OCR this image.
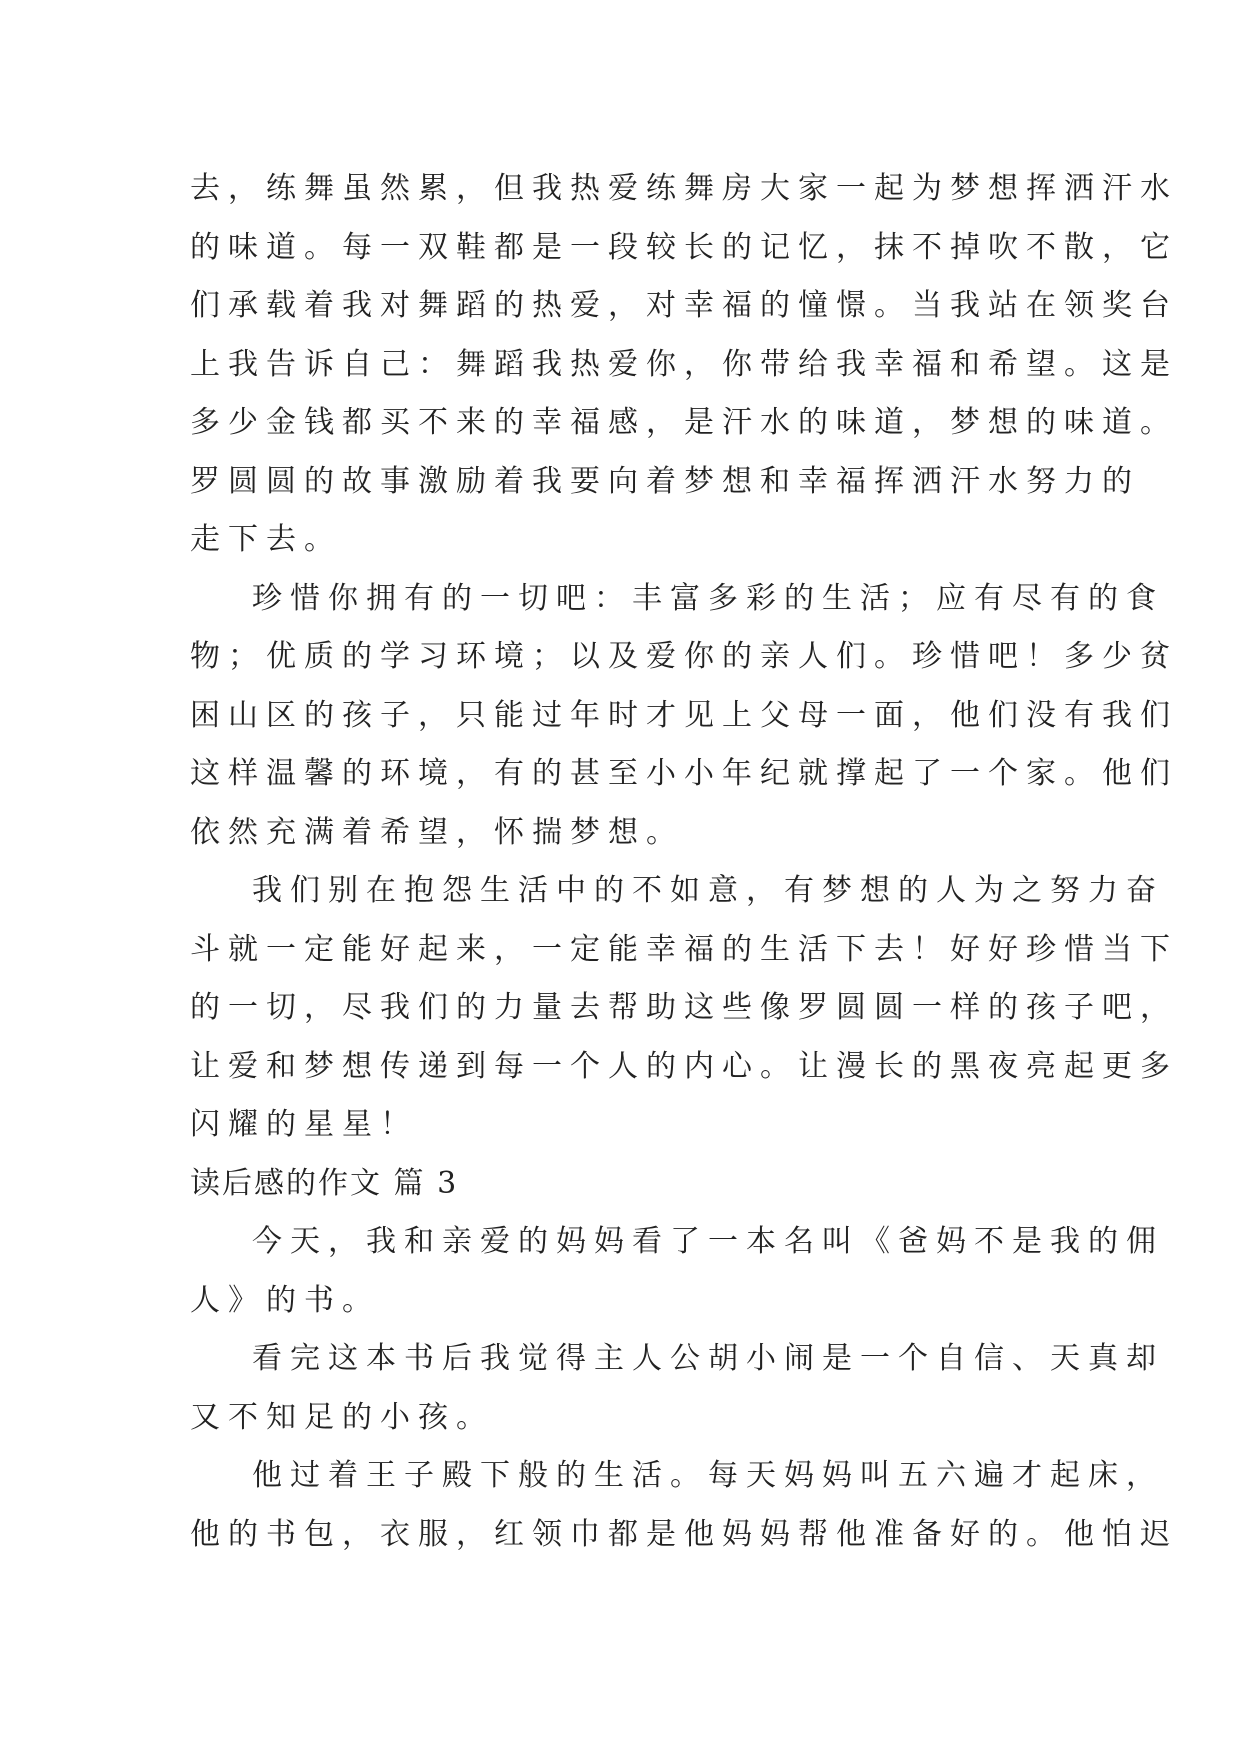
去，练舞虽然累，但我热爱练舞房大家一起为梦想挥洒汗水
的味道。每一双鞋都是一段较长的记忆，抹不掉吹不散，它
们承载着我对舞蹈的热爱，对幸福的憧憬。当我站在领奖台
上我告诉自己：舞蹈我热爱你，你带给我幸福和希望。这是
多少金钱都买不来的幸福感，是汗水的味道，梦想的味道。
罗圆圆的故事激励着我要向着梦想和幸福挥洒汗水努力的
走下去。
珍惜你拥有的一切吧：丰富多彩的生活；应有尽有的食
物；优质的学习环境；以及爱你的亲人们。珍惜吧！多少贫
困山区的孩子，只能过年时才见上父母一面，他们没有我们
这样温馨的环境，有的甚至小小年纪就撑起了一个家。他们
依然充满着希望，怀揣梦想。
我们别在抱怨生活中的不如意，有梦想的人为之努力奋
斗就一定能好起来，一定能幸福的生活下去！好好珍惜当下
的一切，尽我们的力量去帮助这些像罗圆圆一样的孩子吧，
让爱和梦想传递到每一个人的内心。让漫长的黑夜亮起更多
闪耀的星星！
读后感的作文 篇 3
今天，我和亲爱的妈妈看了一本名叫《爸妈不是我的佣
人》的书。
看完这本书后我觉得主人公胡小闹是一个自信、天真却
又不知足的小孩。
他过着王子殿下般的生活。每天妈妈叫五六遍才起床，
他的书包，衣服，红领巾都是他妈妈帮他准备好的。他怕迟
